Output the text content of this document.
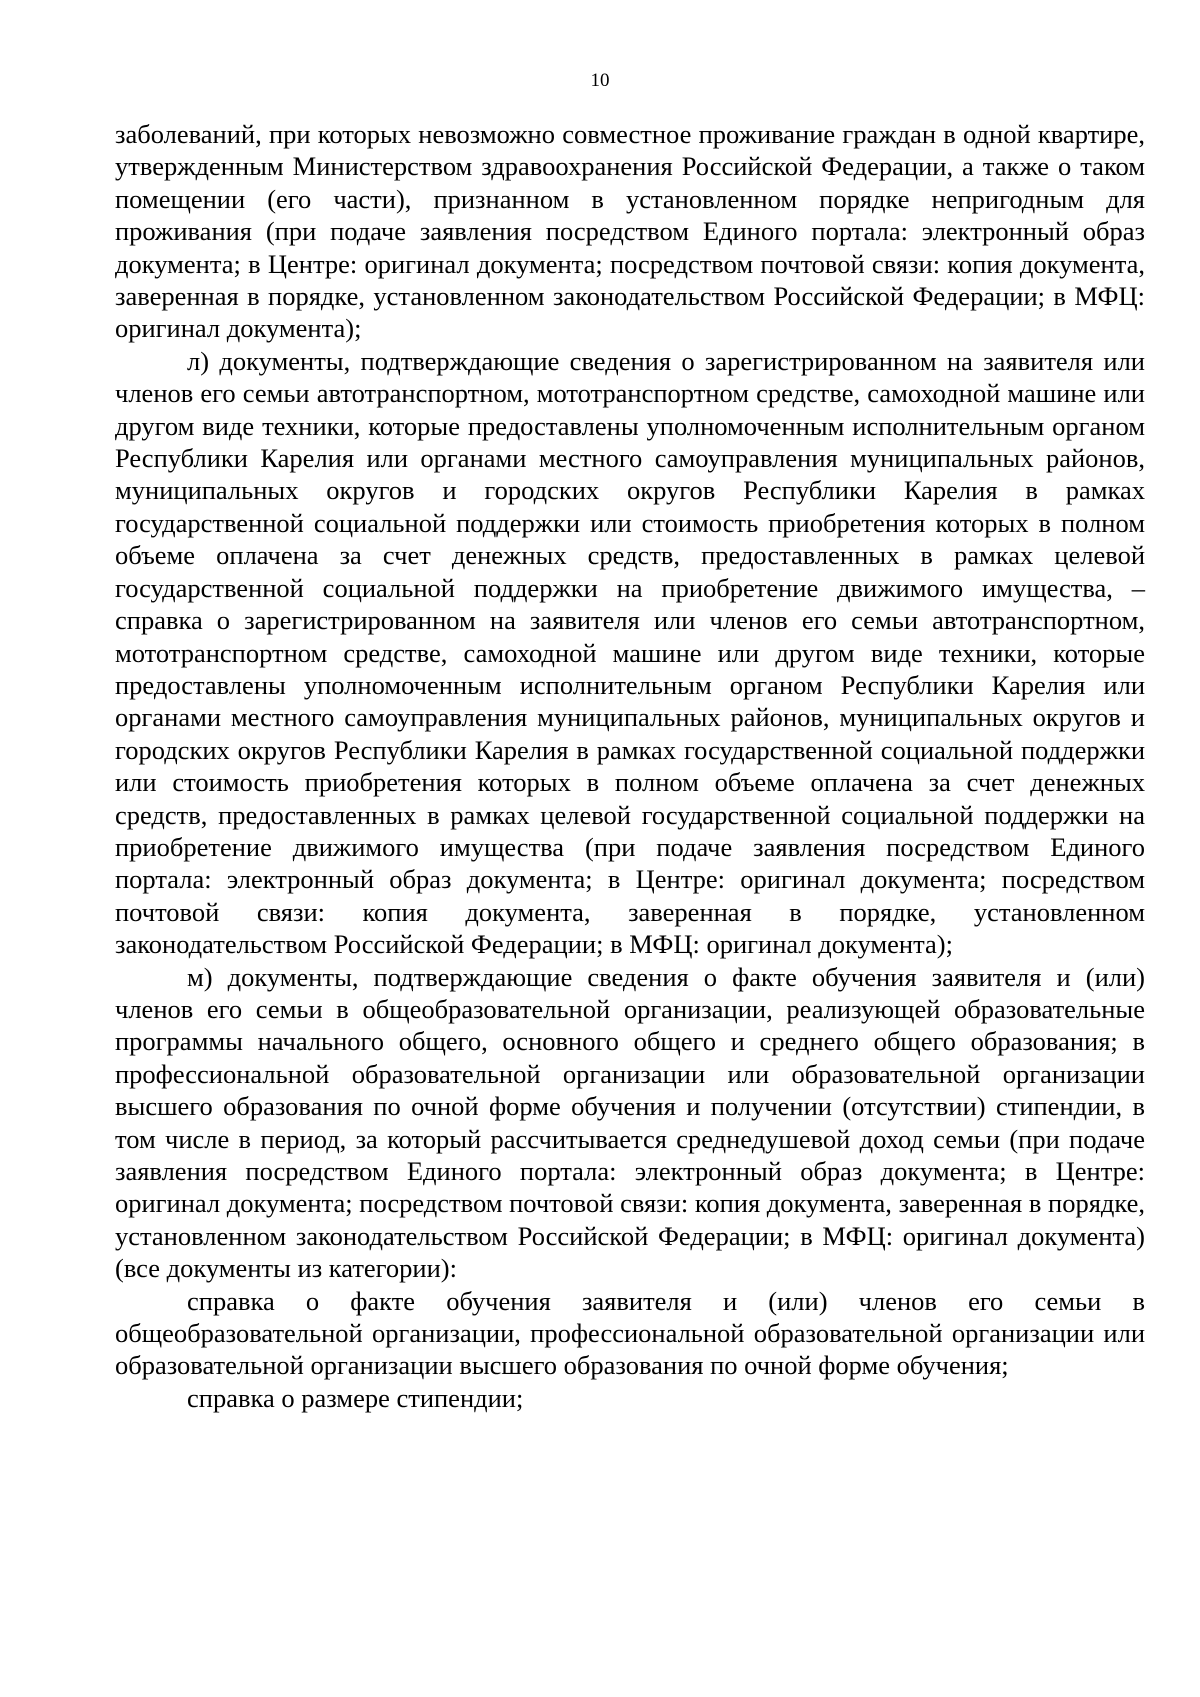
10

заболеваний, при которых невозможно совместное проживание граждан в одной квартире, утвержденным Министерством здравоохранения Российской Федерации, а также о таком помещении (его части), признанном в установленном порядке непригодным для проживания (при подаче заявления посредством Единого портала: электронный образ документа; в Центре: оригинал документа; посредством почтовой связи: копия документа, заверенная в порядке, установленном законодательством Российской Федерации; в МФЦ: оригинал документа);

л) документы, подтверждающие сведения о зарегистрированном на заявителя или членов его семьи автотранспортном, мототранспортном средстве, самоходной машине или другом виде техники, которые предоставлены уполномоченным исполнительным органом Республики Карелия или органами местного самоуправления муниципальных районов, муниципальных округов и городских округов Республики Карелия в рамках государственной социальной поддержки или стоимость приобретения которых в полном объеме оплачена за счет денежных средств, предоставленных в рамках целевой государственной социальной поддержки на приобретение движимого имущества, – справка о зарегистрированном на заявителя или членов его семьи автотранспортном, мототранспортном средстве, самоходной машине или другом виде техники, которые предоставлены уполномоченным исполнительным органом Республики Карелия или органами местного самоуправления муниципальных районов, муниципальных округов и городских округов Республики Карелия в рамках государственной социальной поддержки или стоимость приобретения которых в полном объеме оплачена за счет денежных средств, предоставленных в рамках целевой государственной социальной поддержки на приобретение движимого имущества (при подаче заявления посредством Единого портала: электронный образ документа; в Центре: оригинал документа; посредством почтовой связи: копия документа, заверенная в порядке, установленном законодательством Российской Федерации; в МФЦ: оригинал документа);

м) документы, подтверждающие сведения о факте обучения заявителя и (или) членов его семьи в общеобразовательной организации, реализующей образовательные программы начального общего, основного общего и среднего общего образования; в профессиональной образовательной организации или образовательной организации высшего образования по очной форме обучения и получении (отсутствии) стипендии, в том числе в период, за который рассчитывается среднедушевой доход семьи (при подаче заявления посредством Единого портала: электронный образ документа; в Центре: оригинал документа; посредством почтовой связи: копия документа, заверенная в порядке, установленном законодательством Российской Федерации; в МФЦ: оригинал документа) (все документы из категории):

справка о факте обучения заявителя и (или) членов его семьи в общеобразовательной организации, профессиональной образовательной организации или образовательной организации высшего образования по очной форме обучения;

справка о размере стипендии;
